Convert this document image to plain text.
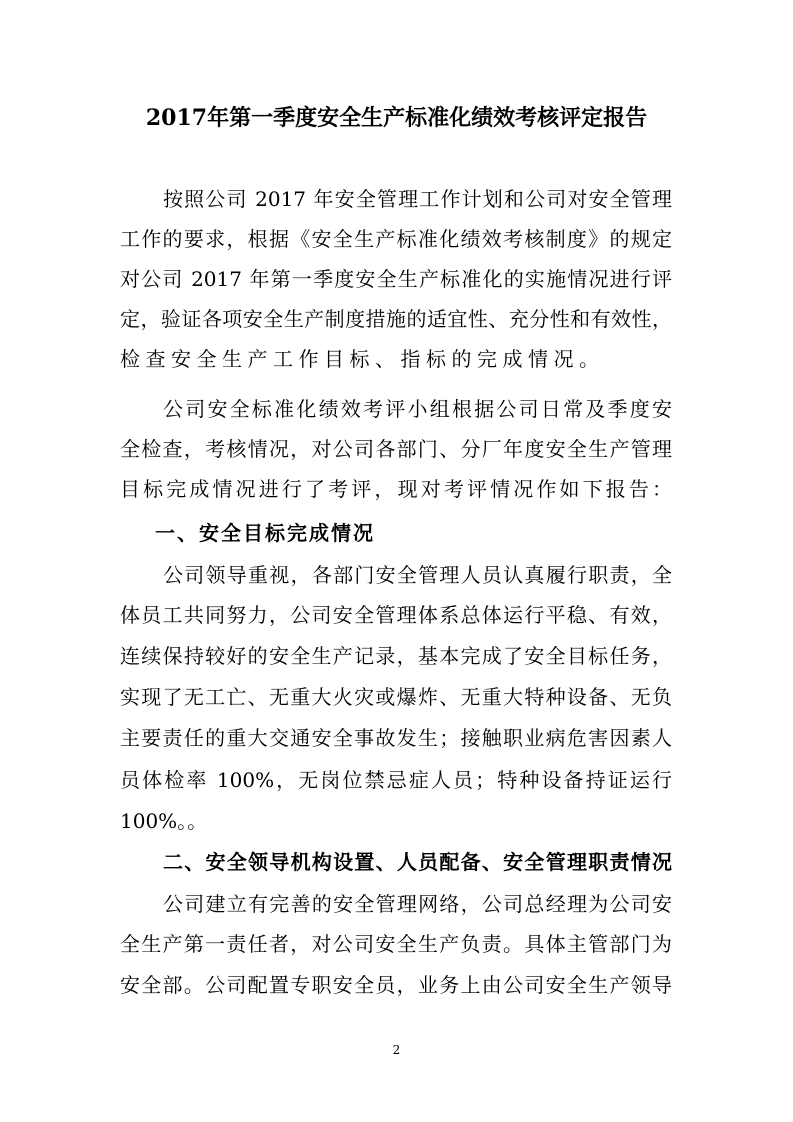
2017年第一季度安全生产标准化绩效考核评定报告
按照公司 2017 年安全管理工作计划和公司对安全管理
工作的要求，根据《安全生产标准化绩效考核制度》的规定
对公司 2017 年第一季度安全生产标准化的实施情况进行评
定，验证各项安全生产制度措施的适宜性、充分性和有效性，
检查安全生产工作目标、指标的完成情况。
公司安全标准化绩效考评小组根据公司日常及季度安
全检查，考核情况，对公司各部门、分厂年度安全生产管理
目标完成情况进行了考评，现对考评情况作如下报告：
一、安全目标完成情况
公司领导重视，各部门安全管理人员认真履行职责，全
体员工共同努力，公司安全管理体系总体运行平稳、有效，
连续保持较好的安全生产记录，基本完成了安全目标任务，
实现了无工亡、无重大火灾或爆炸、无重大特种设备、无负
主要责任的重大交通安全事故发生；接触职业病危害因素人
员体检率 100%，无岗位禁忌症人员；特种设备持证运行
100%。。
二、安全领导机构设置、人员配备、安全管理职责情况
公司建立有完善的安全管理网络，公司总经理为公司安
全生产第一责任者，对公司安全生产负责。具体主管部门为
安全部。公司配置专职安全员，业务上由公司安全生产领导
2
